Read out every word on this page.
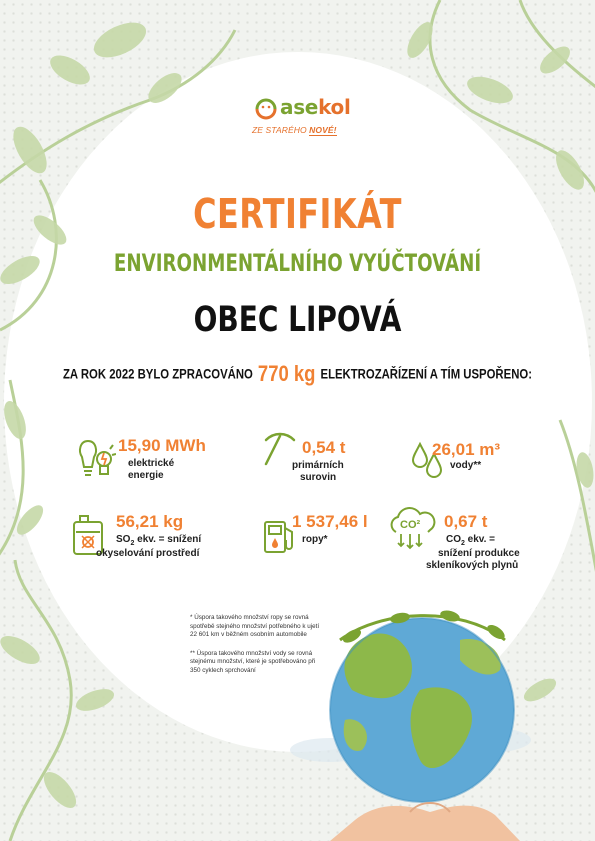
asekol
ZE STARÉHO NOVÉ!
CERTIFIKÁT
ENVIRONMENTÁLNÍHO VYÚČTOVÁNÍ
OBEC LIPOVÁ
ZA ROK 2022 BYLO ZPRACOVÁNO 770 kg ELEKTROZAŘÍZENÍ A TÍM USPOŘENO:
15,90 MWh
elektrické
energie
0,54 t
primárních
surovin
26,01 m³
vody**
56,21 kg
$SO_2$ ekv. = snížení
okyselování prostředí
1 537,46 l
ropy*
CO² 0,67 t
$CO_2$ ekv. =
snížení produkce
skleníkových plynů

* Úspora takového množství ropy se rovná spotřebě stejného množství potřebného k ujetí 22 601 km v běžném osobním automobile

** Úspora takového množství vody se rovná stejnému množství, které je spotřebováno při 350 cyklech sprchování
